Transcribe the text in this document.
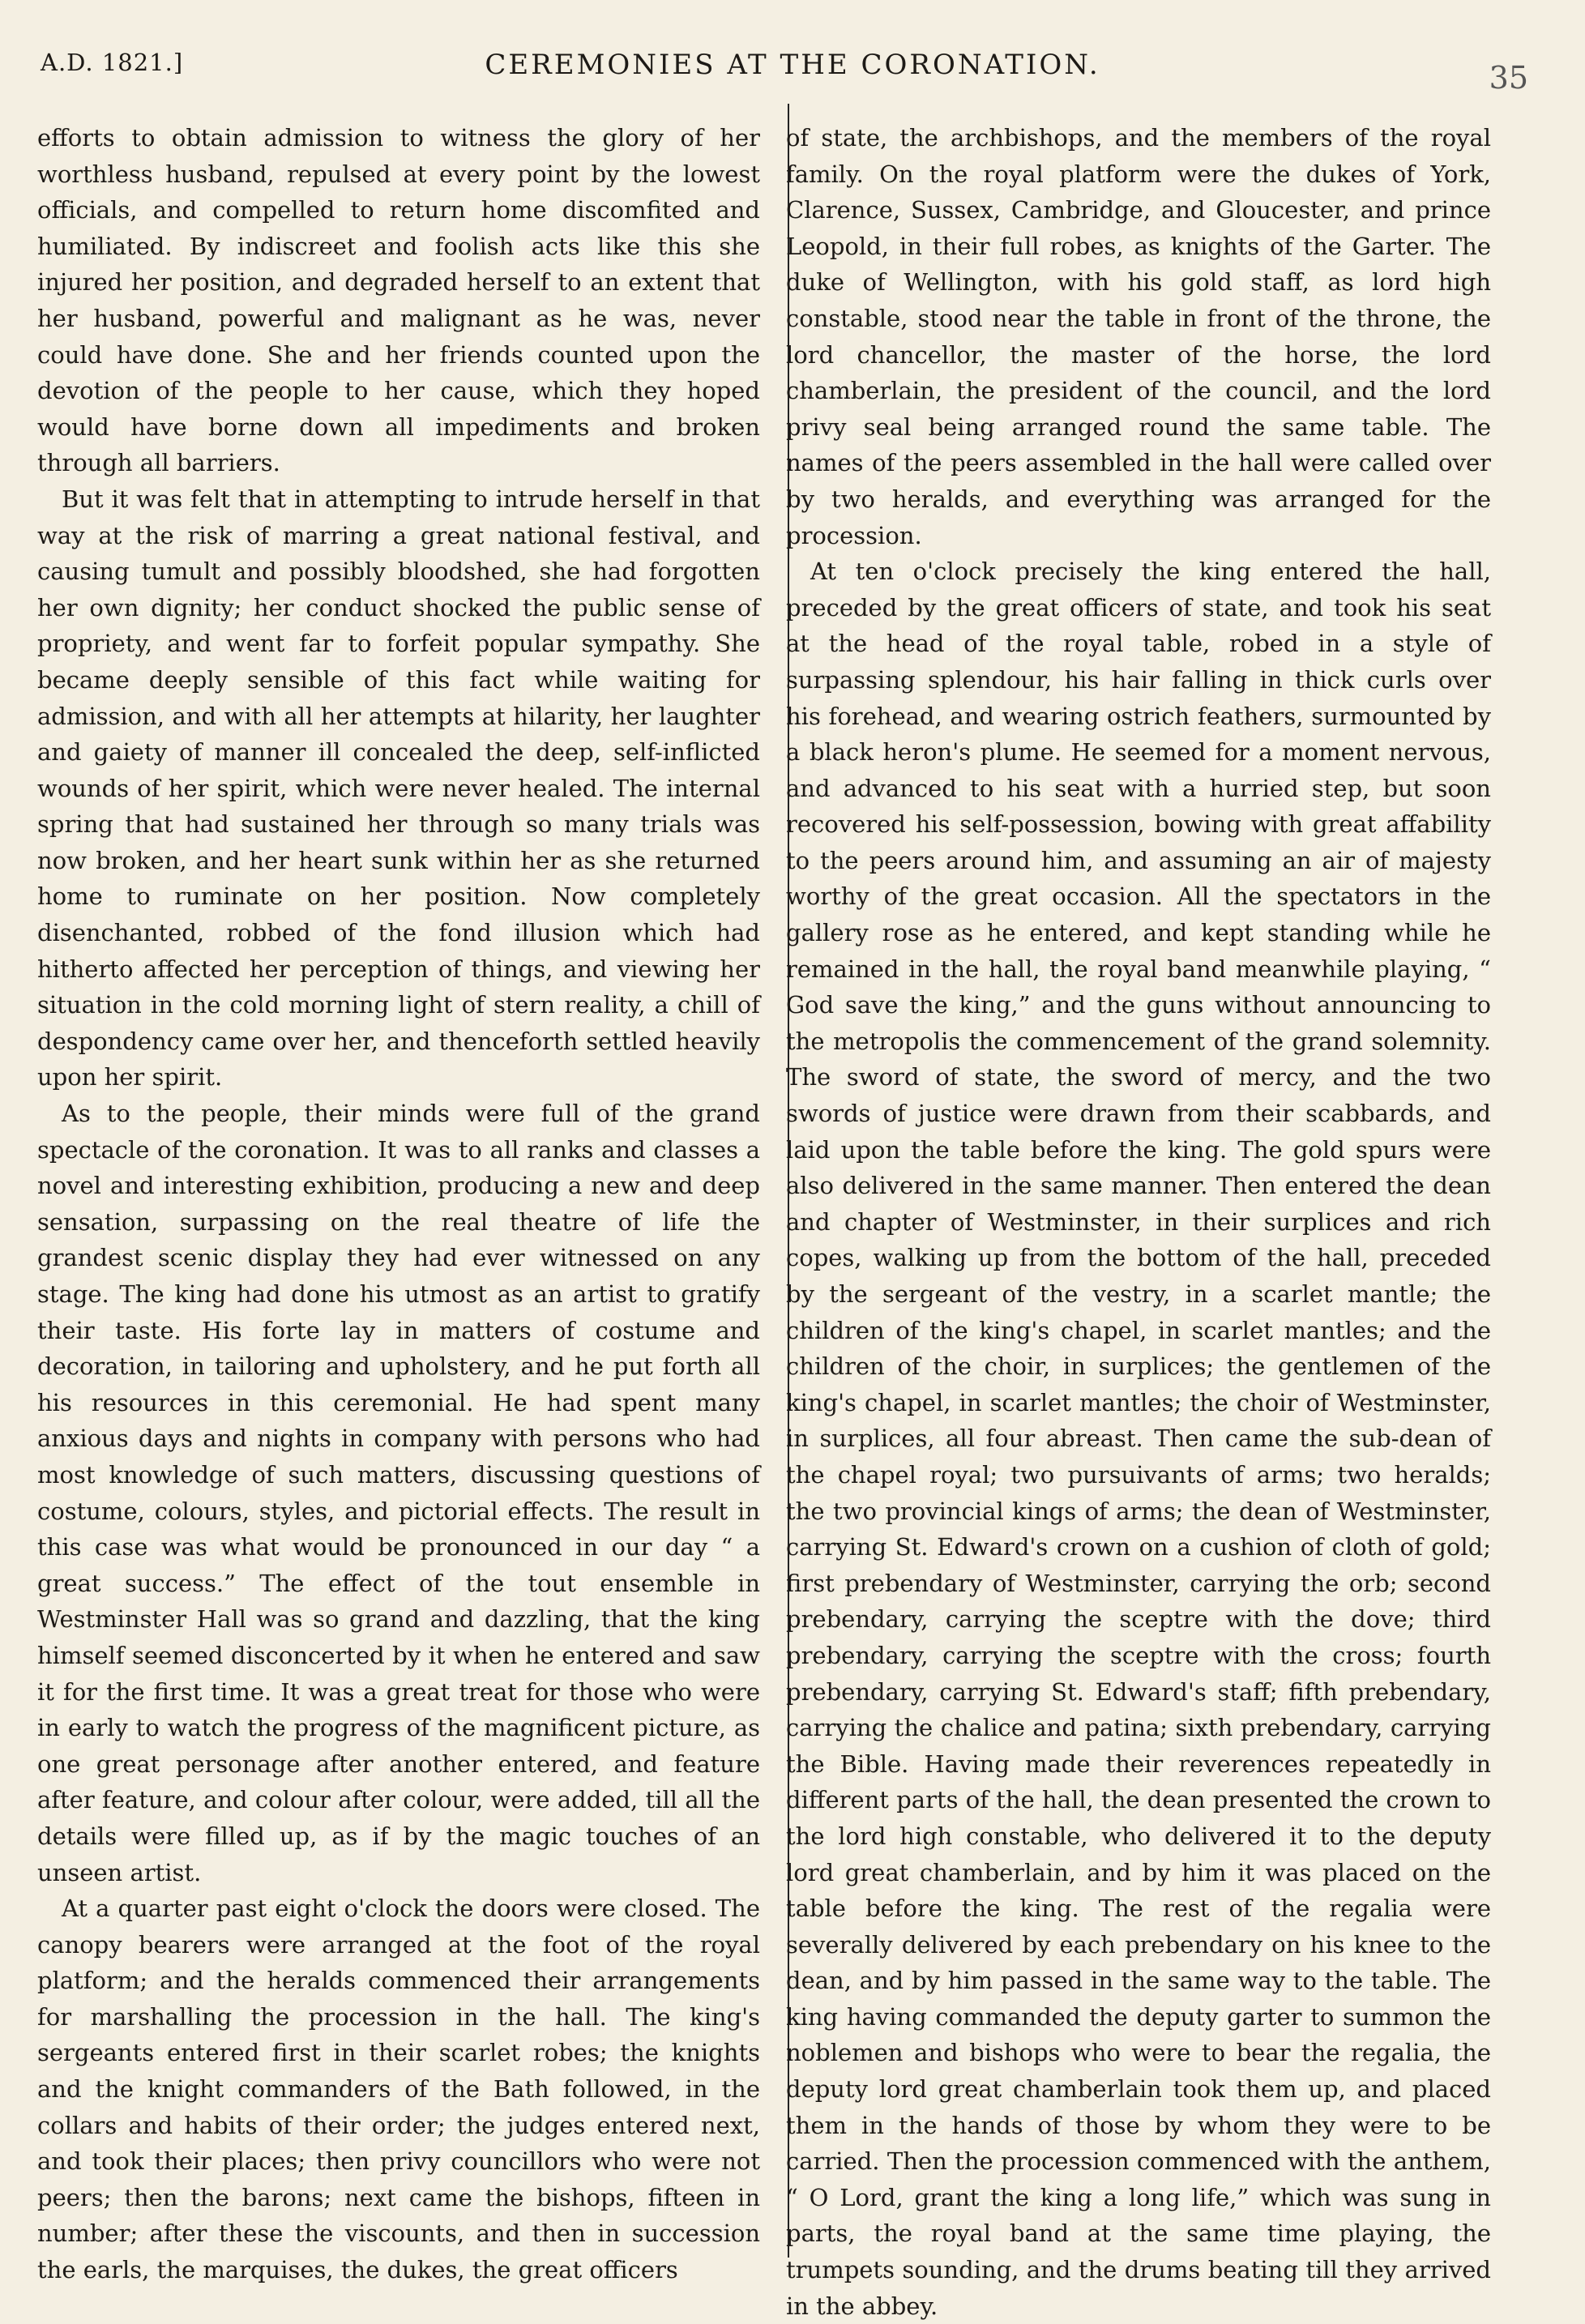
A.D. 1821.]	CEREMONIES AT THE CORONATION.	35

efforts to obtain admission to witness the glory of her worthless husband, repulsed at every point by the lowest officials, and compelled to return home discomfited and humiliated. By indiscreet and foolish acts like this she injured her position, and degraded herself to an extent that her husband, powerful and malignant as he was, never could have done. She and her friends counted upon the devotion of the people to her cause, which they hoped would have borne down all impediments and broken through all barriers.

But it was felt that in attempting to intrude herself in that way at the risk of marring a great national festival, and causing tumult and possibly bloodshed, she had forgotten her own dignity; her conduct shocked the public sense of propriety, and went far to forfeit popular sympathy. She became deeply sensible of this fact while waiting for admission, and with all her attempts at hilarity, her laughter and gaiety of manner ill concealed the deep, self-inflicted wounds of her spirit, which were never healed. The internal spring that had sustained her through so many trials was now broken, and her heart sunk within her as she returned home to ruminate on her position. Now completely disenchanted, robbed of the fond illusion which had hitherto affected her perception of things, and viewing her situation in the cold morning light of stern reality, a chill of despondency came over her, and thenceforth settled heavily upon her spirit.

As to the people, their minds were full of the grand spectacle of the coronation. It was to all ranks and classes a novel and interesting exhibition, producing a new and deep sensation, surpassing on the real theatre of life the grandest scenic display they had ever witnessed on any stage. The king had done his utmost as an artist to gratify their taste. His forte lay in matters of costume and decoration, in tailoring and upholstery, and he put forth all his resources in this ceremonial. He had spent many anxious days and nights in company with persons who had most knowledge of such matters, discussing questions of costume, colours, styles, and pictorial effects. The result in this case was what would be pronounced in our day “ a great success.” The effect of the tout ensemble in Westminster Hall was so grand and dazzling, that the king himself seemed disconcerted by it when he entered and saw it for the first time. It was a great treat for those who were in early to watch the progress of the magnificent picture, as one great personage after another entered, and feature after feature, and colour after colour, were added, till all the details were filled up, as if by the magic touches of an unseen artist.

At a quarter past eight o'clock the doors were closed. The canopy bearers were arranged at the foot of the royal platform; and the heralds commenced their arrangements for marshalling the procession in the hall. The king's sergeants entered first in their scarlet robes; the knights and the knight commanders of the Bath followed, in the collars and habits of their order; the judges entered next, and took their places; then privy councillors who were not peers; then the barons; next came the bishops, fifteen in number; after these the viscounts, and then in succession the earls, the marquises, the dukes, the great officers

of state, the archbishops, and the members of the royal family. On the royal platform were the dukes of York, Clarence, Sussex, Cambridge, and Gloucester, and prince Leopold, in their full robes, as knights of the Garter. The duke of Wellington, with his gold staff, as lord high constable, stood near the table in front of the throne, the lord chancellor, the master of the horse, the lord chamberlain, the president of the council, and the lord privy seal being arranged round the same table. The names of the peers assembled in the hall were called over by two heralds, and everything was arranged for the procession.

At ten o'clock precisely the king entered the hall, preceded by the great officers of state, and took his seat at the head of the royal table, robed in a style of surpassing splendour, his hair falling in thick curls over his forehead, and wearing ostrich feathers, surmounted by a black heron's plume. He seemed for a moment nervous, and advanced to his seat with a hurried step, but soon recovered his self-possession, bowing with great affability to the peers around him, and assuming an air of majesty worthy of the great occasion. All the spectators in the gallery rose as he entered, and kept standing while he remained in the hall, the royal band meanwhile playing, “ God save the king,” and the guns without announcing to the metropolis the commencement of the grand solemnity. The sword of state, the sword of mercy, and the two swords of justice were drawn from their scabbards, and laid upon the table before the king. The gold spurs were also delivered in the same manner. Then entered the dean and chapter of Westminster, in their surplices and rich copes, walking up from the bottom of the hall, preceded by the sergeant of the vestry, in a scarlet mantle; the children of the king's chapel, in scarlet mantles; and the children of the choir, in surplices; the gentlemen of the king's chapel, in scarlet mantles; the choir of Westminster, in surplices, all four abreast. Then came the sub-dean of the chapel royal; two pursuivants of arms; two heralds; the two provincial kings of arms; the dean of Westminster, carrying St. Edward's crown on a cushion of cloth of gold; first prebendary of Westminster, carrying the orb; second prebendary, carrying the sceptre with the dove; third prebendary, carrying the sceptre with the cross; fourth prebendary, carrying St. Edward's staff; fifth prebendary, carrying the chalice and patina; sixth prebendary, carrying the Bible. Having made their reverences repeatedly in different parts of the hall, the dean presented the crown to the lord high constable, who delivered it to the deputy lord great chamberlain, and by him it was placed on the table before the king. The rest of the regalia were severally delivered by each prebendary on his knee to the dean, and by him passed in the same way to the table. The king having commanded the deputy garter to summon the noblemen and bishops who were to bear the regalia, the deputy lord great chamberlain took them up, and placed them in the hands of those by whom they were to be carried. Then the procession commenced with the anthem, “ O Lord, grant the king a long life,” which was sung in parts, the royal band at the same time playing, the trumpets sounding, and the drums beating till they arrived in the abbey.
